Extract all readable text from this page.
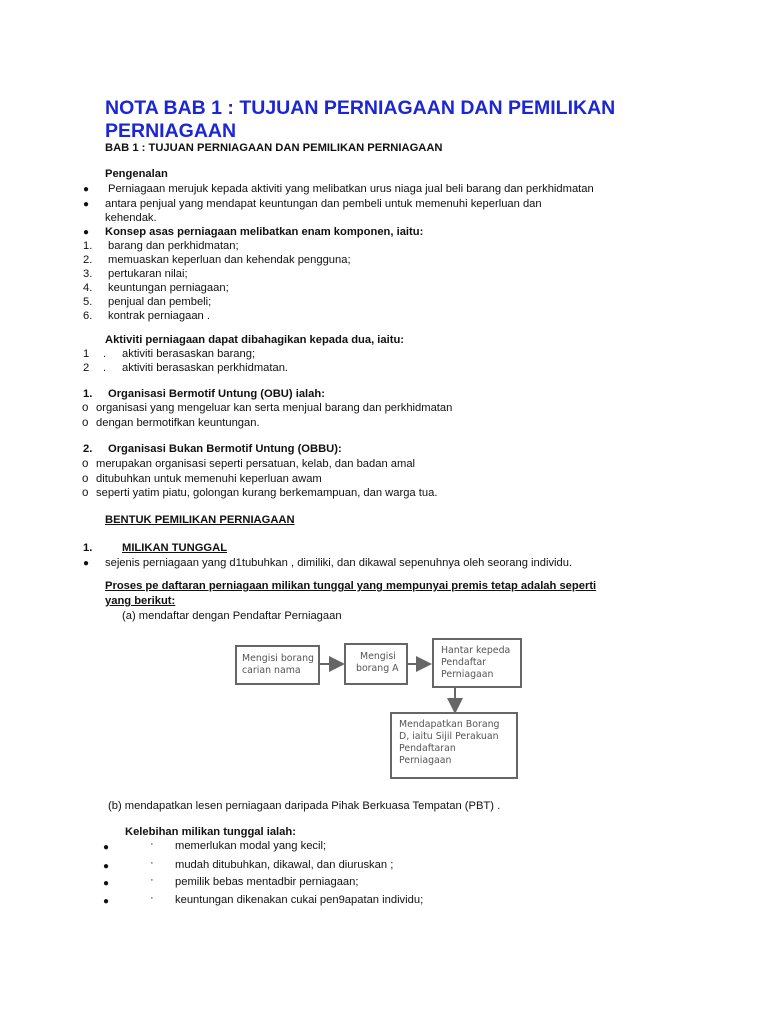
NOTA BAB 1 : TUJUAN PERNIAGAAN DAN PEMILIKAN
PERNIAGAAN
BAB 1 : TUJUAN PERNIAGAAN DAN PEMILIKAN PERNIAGAAN
Pengenalan
● Perniagaan merujuk kepada aktiviti yang melibatkan urus niaga jual beli barang dan perkhidmatan
● antara penjual yang mendapat keuntungan dan pembeli untuk memenuhi keperluan dan
kehendak.
● Konsep asas perniagaan melibatkan enam komponen, iaitu:
1. barang dan perkhidmatan;
2. memuaskan keperluan dan kehendak pengguna;
3. pertukaran nilai;
4. keuntungan perniagaan;
5. penjual dan pembeli;
6. kontrak perniagaan .
Aktiviti perniagaan dapat dibahagikan kepada dua, iaitu:
1 . aktiviti berasaskan barang;
2 . aktiviti berasaskan perkhidmatan.
1. Organisasi Bermotif Untung (OBU) ialah:
o organisasi yang mengeluar kan serta menjual barang dan perkhidmatan
o dengan bermotifkan keuntungan.
2. Organisasi Bukan Bermotif Untung (OBBU):
o merupakan organisasi seperti persatuan, kelab, dan badan amal
o ditubuhkan untuk memenuhi keperluan awam
o seperti yatim piatu, golongan kurang berkemampuan, dan warga tua.
BENTUK PEMILIKAN PERNIAGAAN
1.	MILIKAN TUNGGAL
● sejenis perniagaan yang d1tubuhkan , dimiliki, dan dikawal sepenuhnya oleh seorang individu.
Proses pe daftaran perniagaan milikan tunggal yang mempunyai premis tetap adalah seperti
yang berikut:
(a) mendaftar dengan Pendaftar Perniagaan
Mengisi borang
carian nama
Mengisi
borang A
Hantar kepeda
Pendaftar
Perniagaan
Mendapatkan Borang
D, iaitu Sijil Perakuan
Pendaftaran
Perniagaan
(b) mendapatkan lesen perniagaan daripada Pihak Berkuasa Tempatan (PBT) .
Kelebihan milikan tunggal ialah:
●	· memerlukan modal yang kecil;
●	· mudah ditubuhkan, dikawal, dan diuruskan ;
●	· pemilik bebas mentadbir perniagaan;
●	· keuntungan dikenakan cukai pen9apatan individu;
